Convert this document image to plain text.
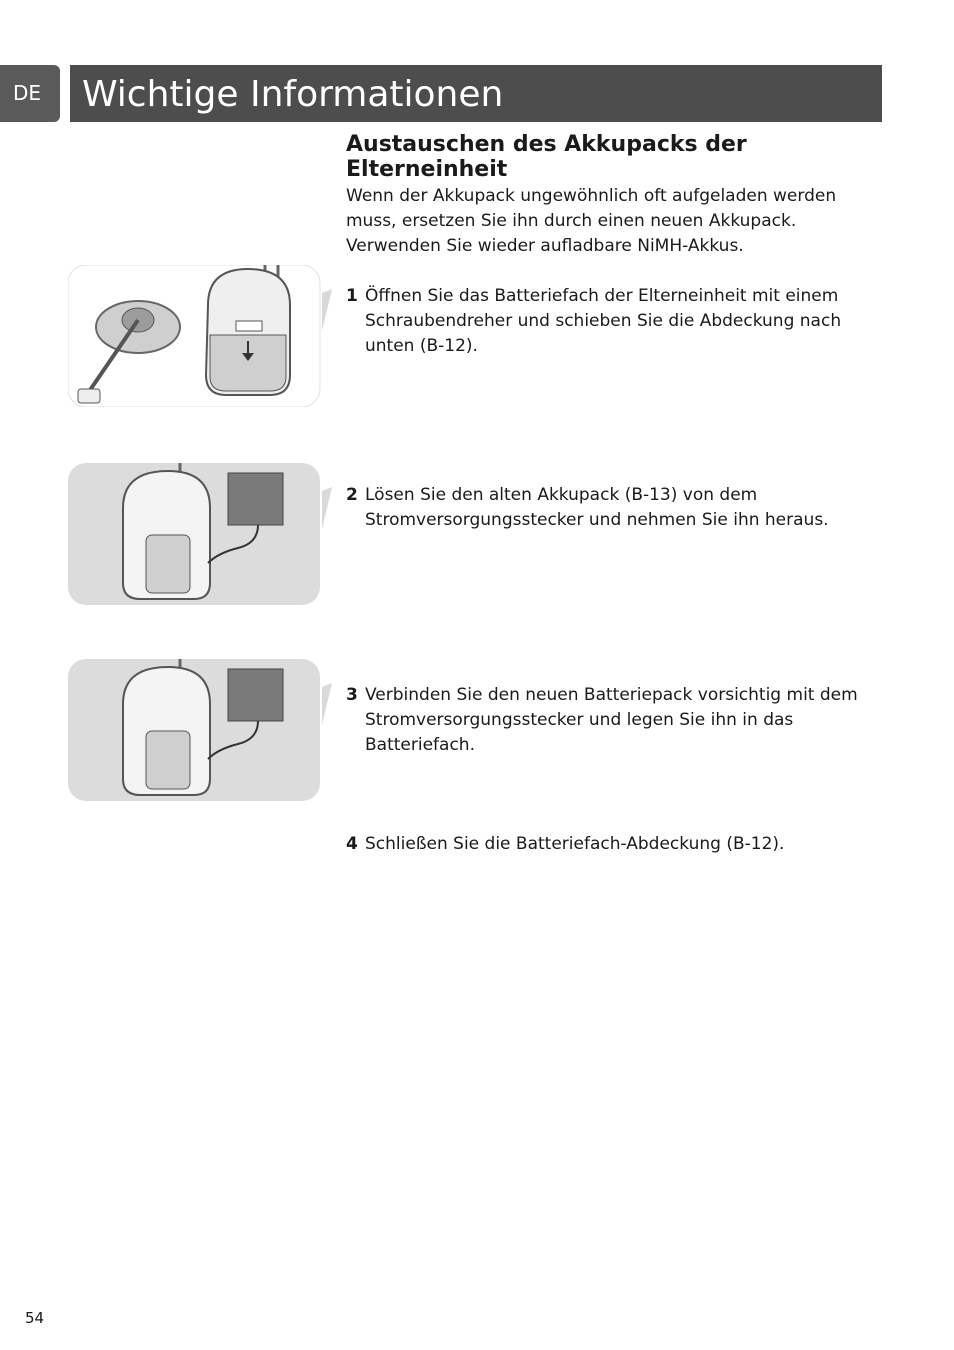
DE	Wichtige Informationen
Austauschen des Akkupacks der Elterneinheit

Wenn der Akkupack ungewöhnlich oft aufgeladen werden muss, ersetzen Sie ihn durch einen neuen Akkupack. Verwenden Sie wieder aufladbare NiMH-Akkus.

1 Öffnen Sie das Batteriefach der Elterneinheit mit einem Schraubendreher und schieben Sie die Abdeckung nach unten (B-12).
2 Lösen Sie den alten Akkupack (B-13) von dem Stromversorgungsstecker und nehmen Sie ihn heraus.
3 Verbinden Sie den neuen Batteriepack vorsichtig mit dem Stromversorgungsstecker und legen Sie ihn in das Batteriefach.
4 Schließen Sie die Batteriefach-Abdeckung (B-12).
54
